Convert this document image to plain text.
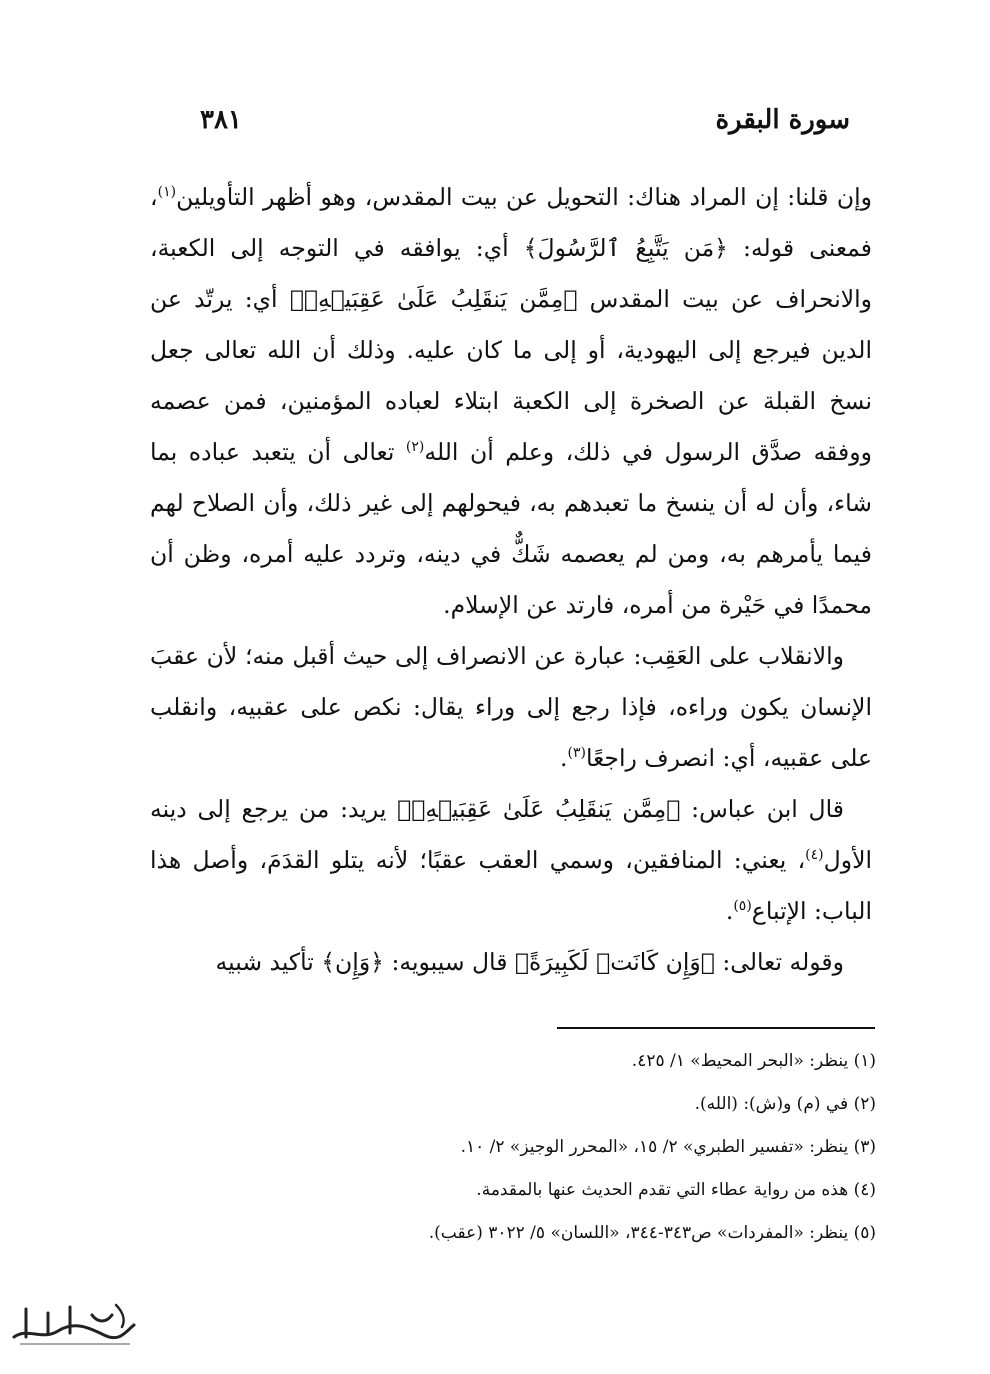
سورة البقرة
٣٨١

وإن قلنا: إن المراد هناك: التحويل عن بيت المقدس، وهو أظهر التأويلين$^{(١)}$، فمعنى قوله: ﴿مَن يَتَّبِعُ ٱلرَّسُولَ﴾ أي: يوافقه في التوجه إلى الكعبة، والانحراف عن بيت المقدس ﴿مِمَّن يَنقَلِبُ عَلَىٰ عَقِبَيۡهِۚ﴾ أي: يرتّد عن الدين فيرجع إلى اليهودية، أو إلى ما كان عليه. وذلك أن الله تعالى جعل نسخ القبلة عن الصخرة إلى الكعبة ابتلاء لعباده المؤمنين، فمن عصمه ووفقه صدَّق الرسول في ذلك، وعلم أن الله$^{(٢)}$ تعالى أن يتعبد عباده بما شاء، وأن له أن ينسخ ما تعبدهم به، فيحولهم إلى غير ذلك، وأن الصلاح لهم فيما يأمرهم به، ومن لم يعصمه شَكٌّ في دينه، وتردد عليه أمره، وظن أن محمدًا في حَيْرة من أمره، فارتد عن الإسلام.

والانقلاب على العَقِب: عبارة عن الانصراف إلى حيث أقبل منه؛ لأن عقبَ الإنسان يكون وراءه، فإذا رجع إلى وراء يقال: نكص على عقبيه، وانقلب على عقبيه، أي: انصرف راجعًا$^{(٣)}$.

قال ابن عباس: ﴿مِمَّن يَنقَلِبُ عَلَىٰ عَقِبَيۡهِۚ﴾ يريد: من يرجع إلى دينه الأول$^{(٤)}$، يعني: المنافقين، وسمي العقب عقبًا؛ لأنه يتلو القدَمَ، وأصل هذا الباب: الإتباع$^{(٥)}$.

وقوله تعالى: ﴿وَإِن كَانَتۡ لَكَبِيرَةً﴾ قال سيبويه: ﴿وَإِن﴾ تأكيد شبيه

(١) ينظر: «البحر المحيط» ١/ ٤٢٥.

(٢) في (م) و(ش): (الله).

(٣) ينظر: «تفسير الطبري» ٢/ ١٥، «المحرر الوجيز» ٢/ ١٠.

(٤) هذه من رواية عطاء التي تقدم الحديث عنها بالمقدمة.

(٥) ينظر: «المفردات» ص٣٤٣-٣٤٤، «اللسان» ٥/ ٣٠٢٢ (عقب).
